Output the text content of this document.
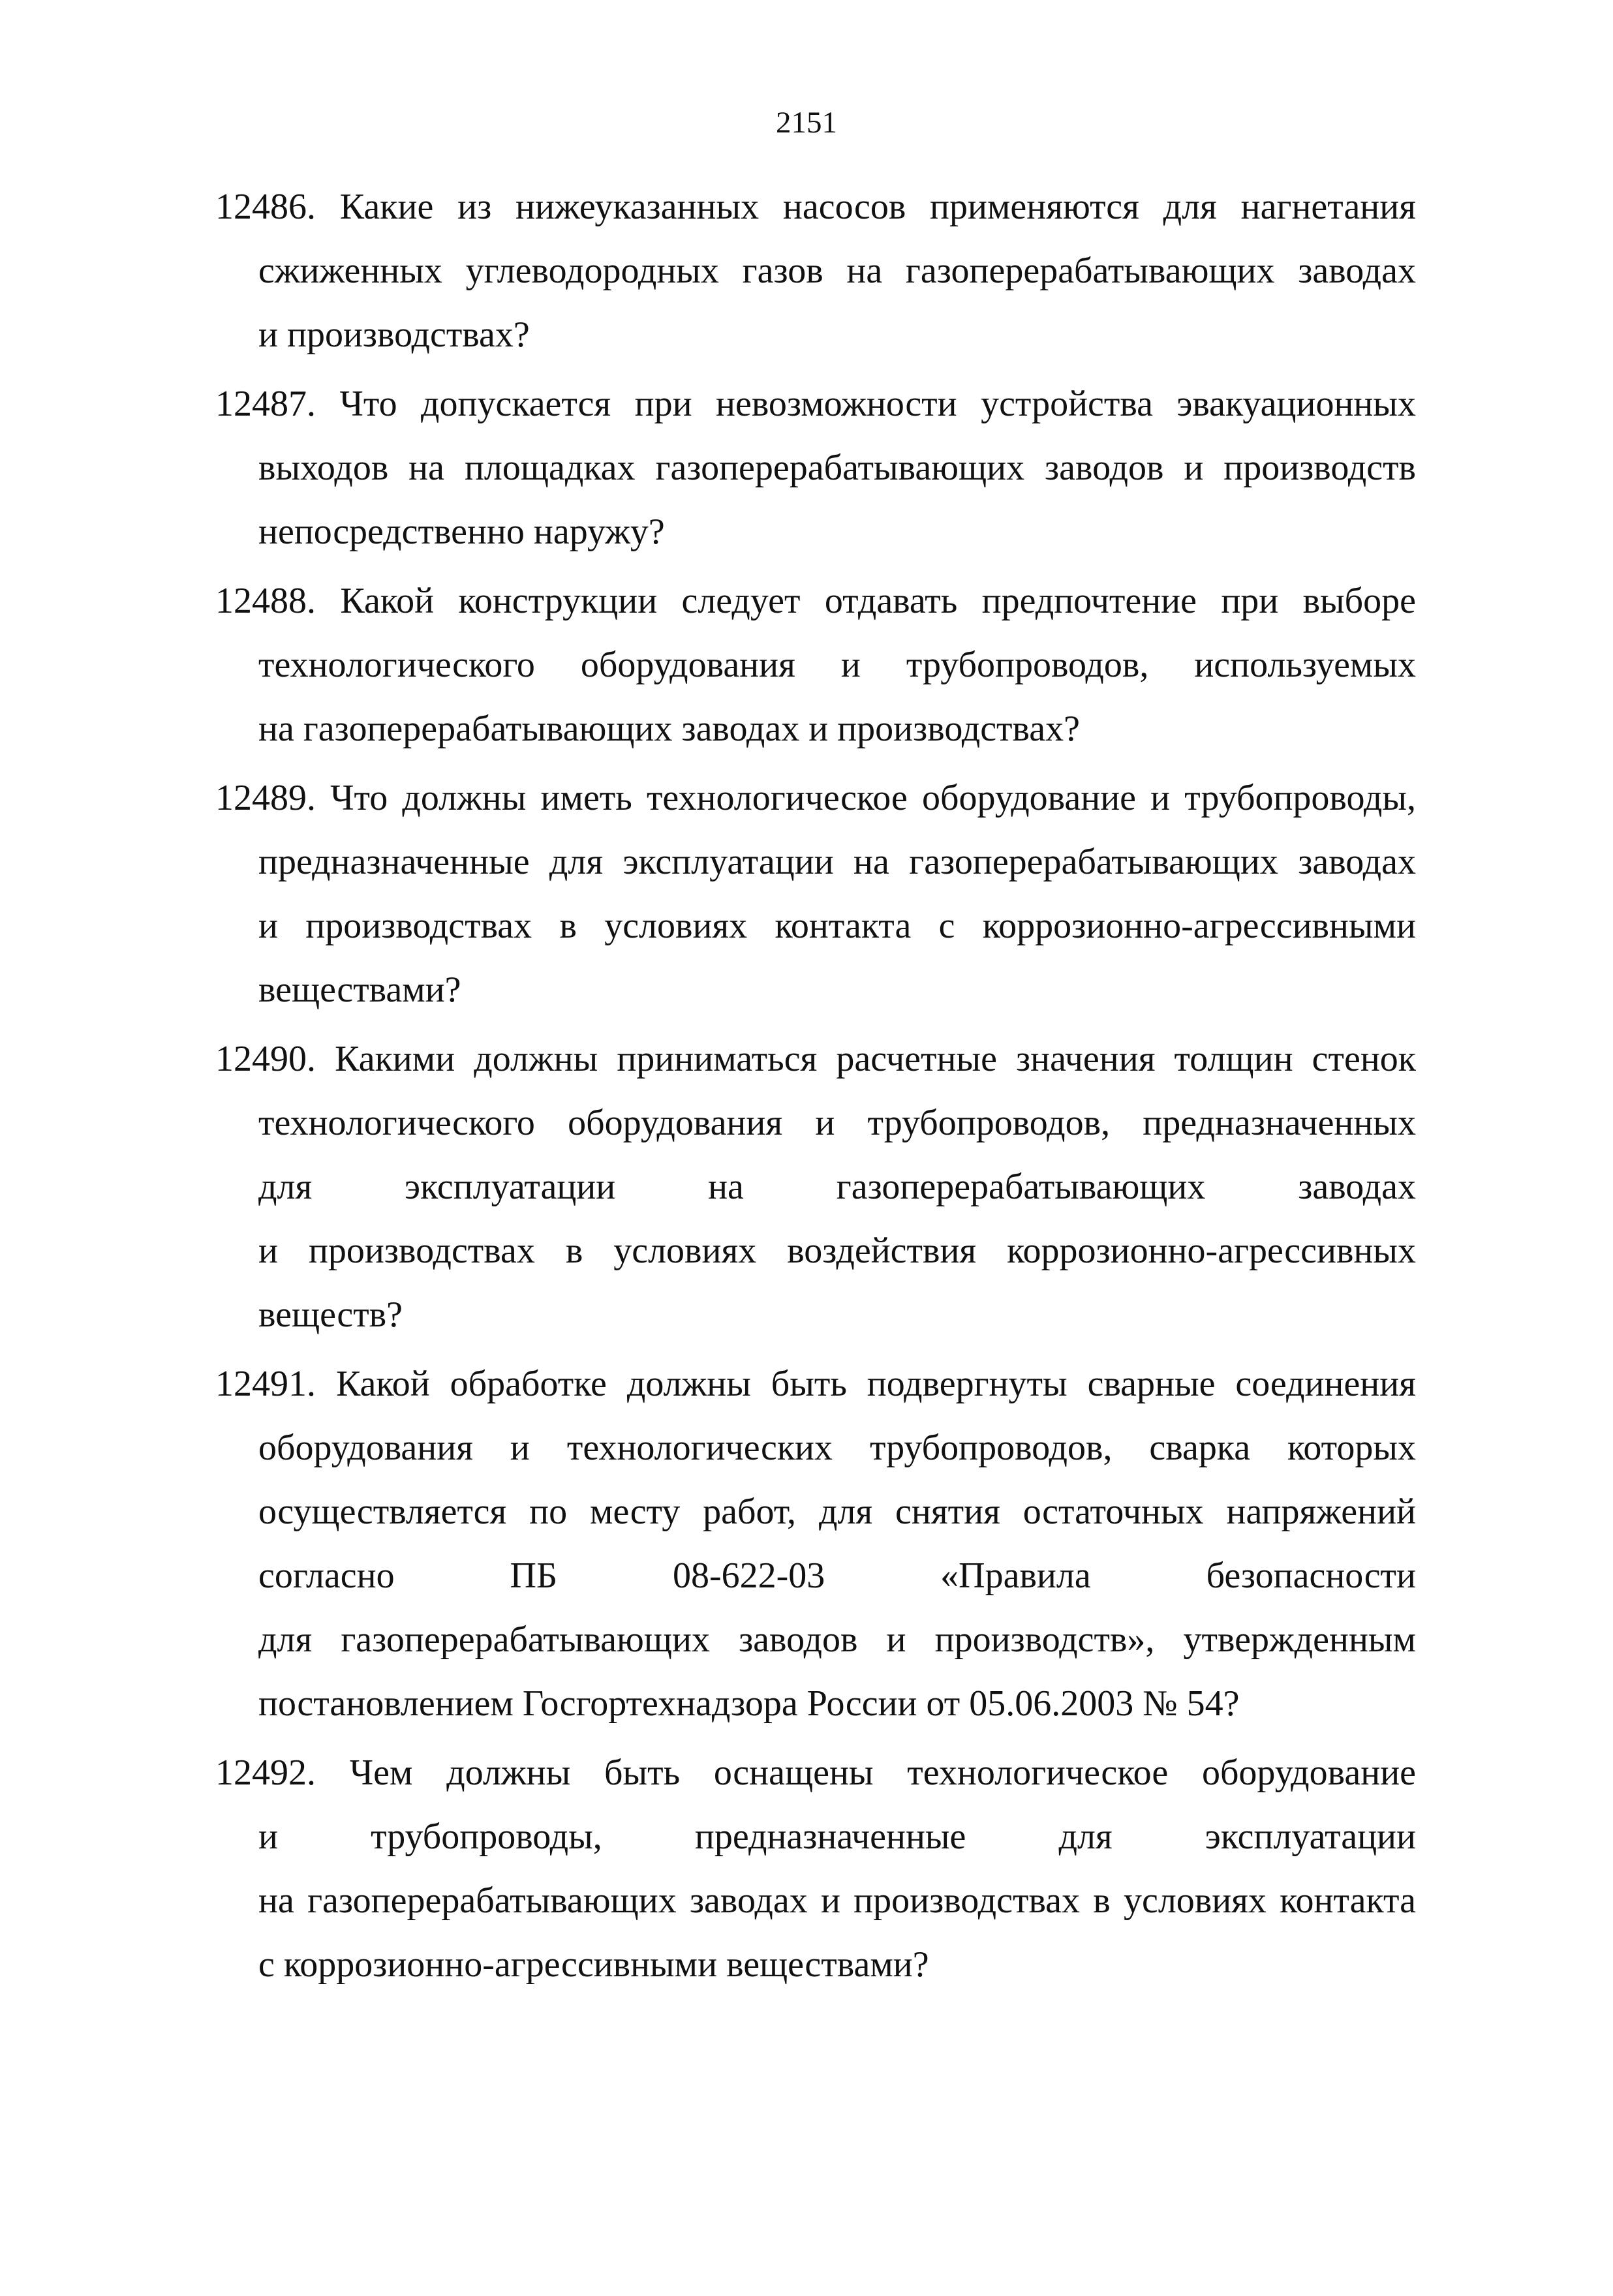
2151
12486. Какие из нижеуказанных насосов применяются для нагнетания
сжиженных углеводородных газов на газоперерабатывающих заводах
и производствах?
12487. Что допускается при невозможности устройства эвакуационных
выходов на площадках газоперерабатывающих заводов и производств
непосредственно наружу?
12488. Какой конструкции следует отдавать предпочтение при выборе
технологического оборудования и трубопроводов, используемых
на газоперерабатывающих заводах и производствах?
12489. Что должны иметь технологическое оборудование и трубопроводы,
предназначенные для эксплуатации на газоперерабатывающих заводах
и производствах в условиях контакта с коррозионно-агрессивными
веществами?
12490. Какими должны приниматься расчетные значения толщин стенок
технологического оборудования и трубопроводов, предназначенных
для эксплуатации на газоперерабатывающих заводах
и производствах в условиях воздействия коррозионно-агрессивных
веществ?
12491. Какой обработке должны быть подвергнуты сварные соединения
оборудования и технологических трубопроводов, сварка которых
осуществляется по месту работ, для снятия остаточных напряжений
согласно ПБ 08-622-03 «Правила безопасности
для газоперерабатывающих заводов и производств», утвержденным
постановлением Госгортехнадзора России от 05.06.2003 № 54?
12492. Чем должны быть оснащены технологическое оборудование
и трубопроводы, предназначенные для эксплуатации
на газоперерабатывающих заводах и производствах в условиях контакта
с коррозионно-агрессивными веществами?
